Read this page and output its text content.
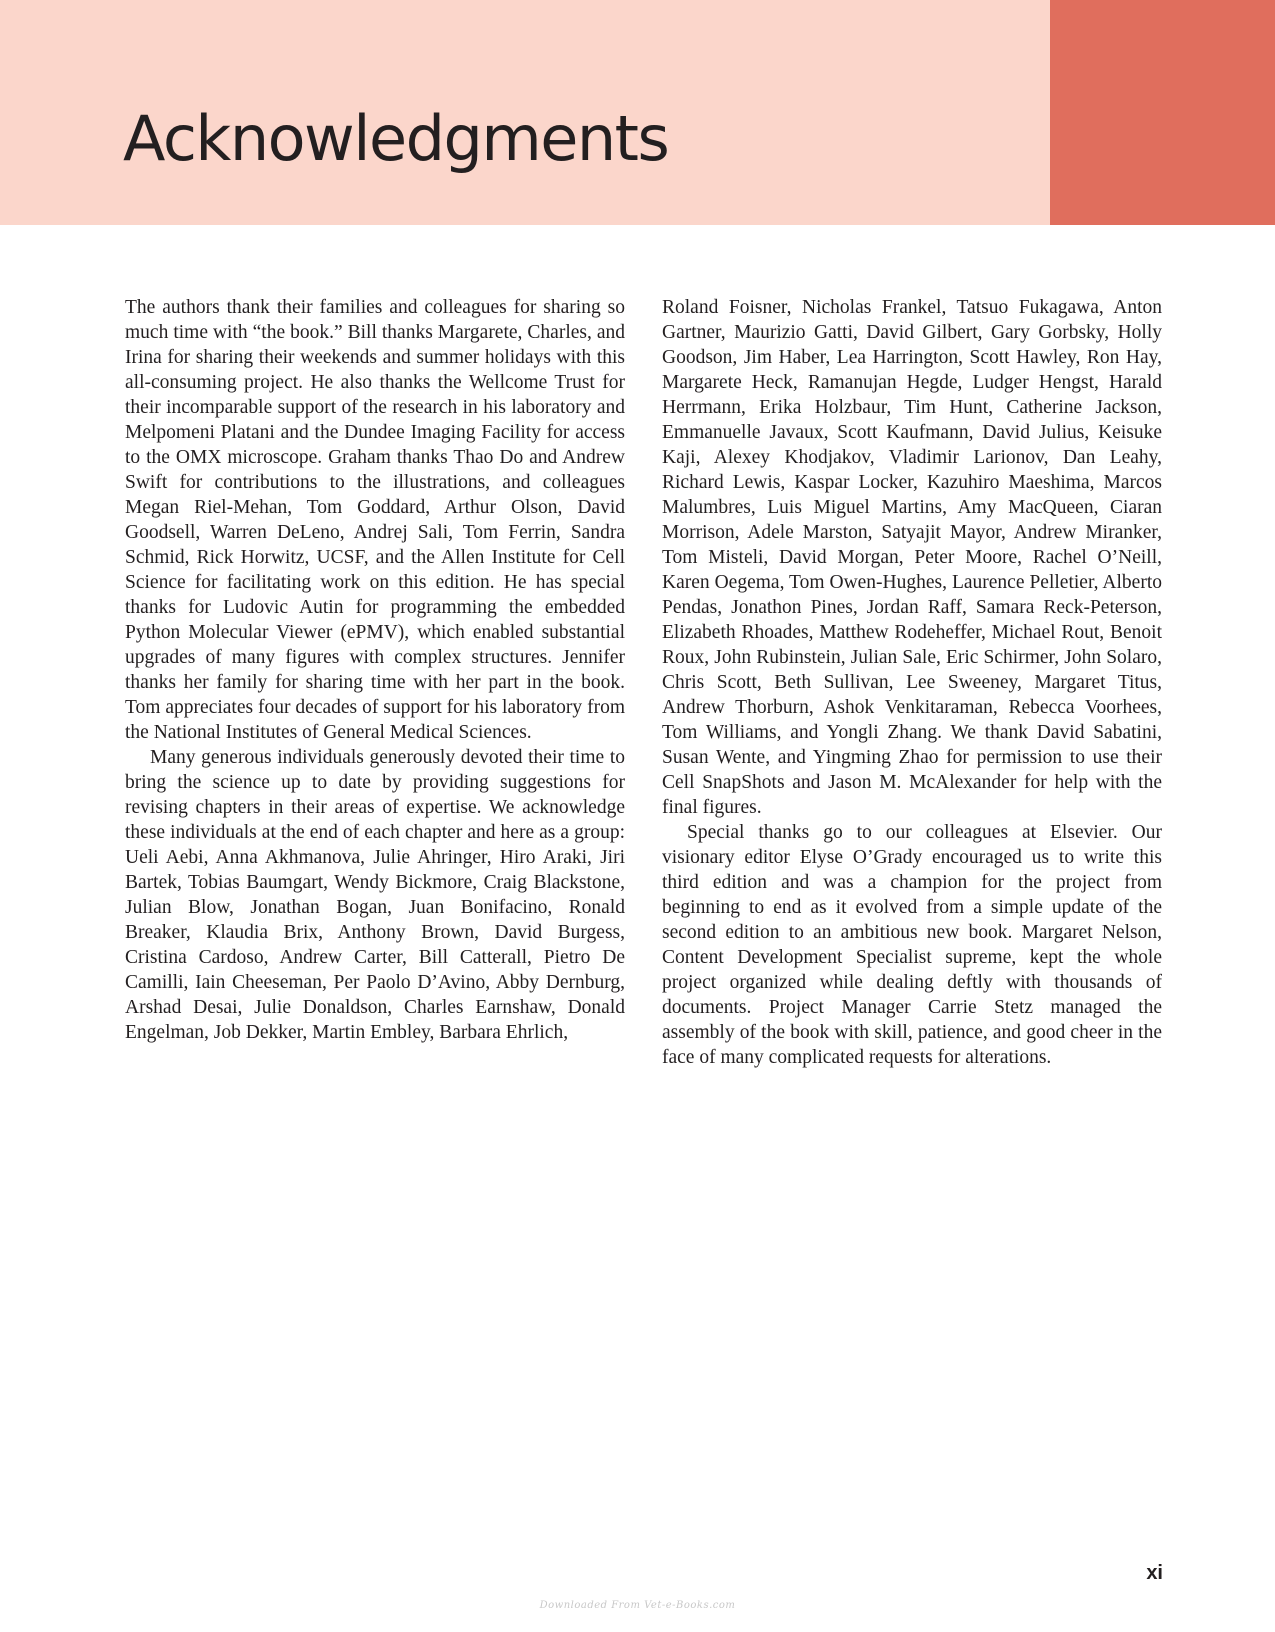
Acknowledgments

The authors thank their families and colleagues for sharing so much time with “the book.” Bill thanks Margarete, Charles, and Irina for sharing their weekends and summer holidays with this all-consuming project. He also thanks the Wellcome Trust for their incomparable support of the research in his laboratory and Melpomeni Platani and the Dundee Imaging Facility for access to the OMX microscope. Graham thanks Thao Do and Andrew Swift for contributions to the illustrations, and colleagues Megan Riel-Mehan, Tom Goddard, Arthur Olson, David Goodsell, Warren DeLeno, Andrej Sali, Tom Ferrin, Sandra Schmid, Rick Horwitz, UCSF, and the Allen Institute for Cell Science for facilitating work on this edition. He has special thanks for Ludovic Autin for programming the embedded Python Molecular Viewer (ePMV), which enabled substantial upgrades of many figures with complex structures. Jennifer thanks her family for sharing time with her part in the book. Tom appreciates four decades of support for his laboratory from the National Institutes of General Medical Sciences.

Many generous individuals generously devoted their time to bring the science up to date by providing suggestions for revising chapters in their areas of expertise. We acknowledge these individuals at the end of each chapter and here as a group: Ueli Aebi, Anna Akhmanova, Julie Ahringer, Hiro Araki, Jiri Bartek, Tobias Baumgart, Wendy Bickmore, Craig Blackstone, Julian Blow, Jonathan Bogan, Juan Bonifacino, Ronald Breaker, Klaudia Brix, Anthony Brown, David Burgess, Cristina Cardoso, Andrew Carter, Bill Catterall, Pietro De Camilli, Iain Cheeseman, Per Paolo D’Avino, Abby Dernburg, Arshad Desai, Julie Donaldson, Charles Earnshaw, Donald Engelman, Job Dekker, Martin Embley, Barbara Ehrlich,

Roland Foisner, Nicholas Frankel, Tatsuo Fukagawa, Anton Gartner, Maurizio Gatti, David Gilbert, Gary Gorbsky, Holly Goodson, Jim Haber, Lea Harrington, Scott Hawley, Ron Hay, Margarete Heck, Ramanujan Hegde, Ludger Hengst, Harald Herrmann, Erika Holzbaur, Tim Hunt, Catherine Jackson, Emmanuelle Javaux, Scott Kaufmann, David Julius, Keisuke Kaji, Alexey Khodjakov, Vladimir Larionov, Dan Leahy, Richard Lewis, Kaspar Locker, Kazuhiro Maeshima, Marcos Malumbres, Luis Miguel Martins, Amy MacQueen, Ciaran Morrison, Adele Marston, Satyajit Mayor, Andrew Miranker, Tom Misteli, David Morgan, Peter Moore, Rachel O’Neill, Karen Oegema, Tom Owen-Hughes, Laurence Pelletier, Alberto Pendas, Jonathon Pines, Jordan Raff, Samara Reck-Peterson, Elizabeth Rhoades, Matthew Rodeheffer, Michael Rout, Benoit Roux, John Rubinstein, Julian Sale, Eric Schirmer, John Solaro, Chris Scott, Beth Sullivan, Lee Sweeney, Margaret Titus, Andrew Thorburn, Ashok Venkitaraman, Rebecca Voorhees, Tom Williams, and Yongli Zhang. We thank David Sabatini, Susan Wente, and Yingming Zhao for permission to use their Cell SnapShots and Jason M. McAlexander for help with the final figures.

Special thanks go to our colleagues at Elsevier. Our visionary editor Elyse O’Grady encouraged us to write this third edition and was a champion for the project from beginning to end as it evolved from a simple update of the second edition to an ambitious new book. Margaret Nelson, Content Development Specialist supreme, kept the whole project organized while dealing deftly with thousands of documents. Project Manager Carrie Stetz managed the assembly of the book with skill, patience, and good cheer in the face of many complicated requests for alterations.

xi
Downloaded From Vet-e-Books.com
